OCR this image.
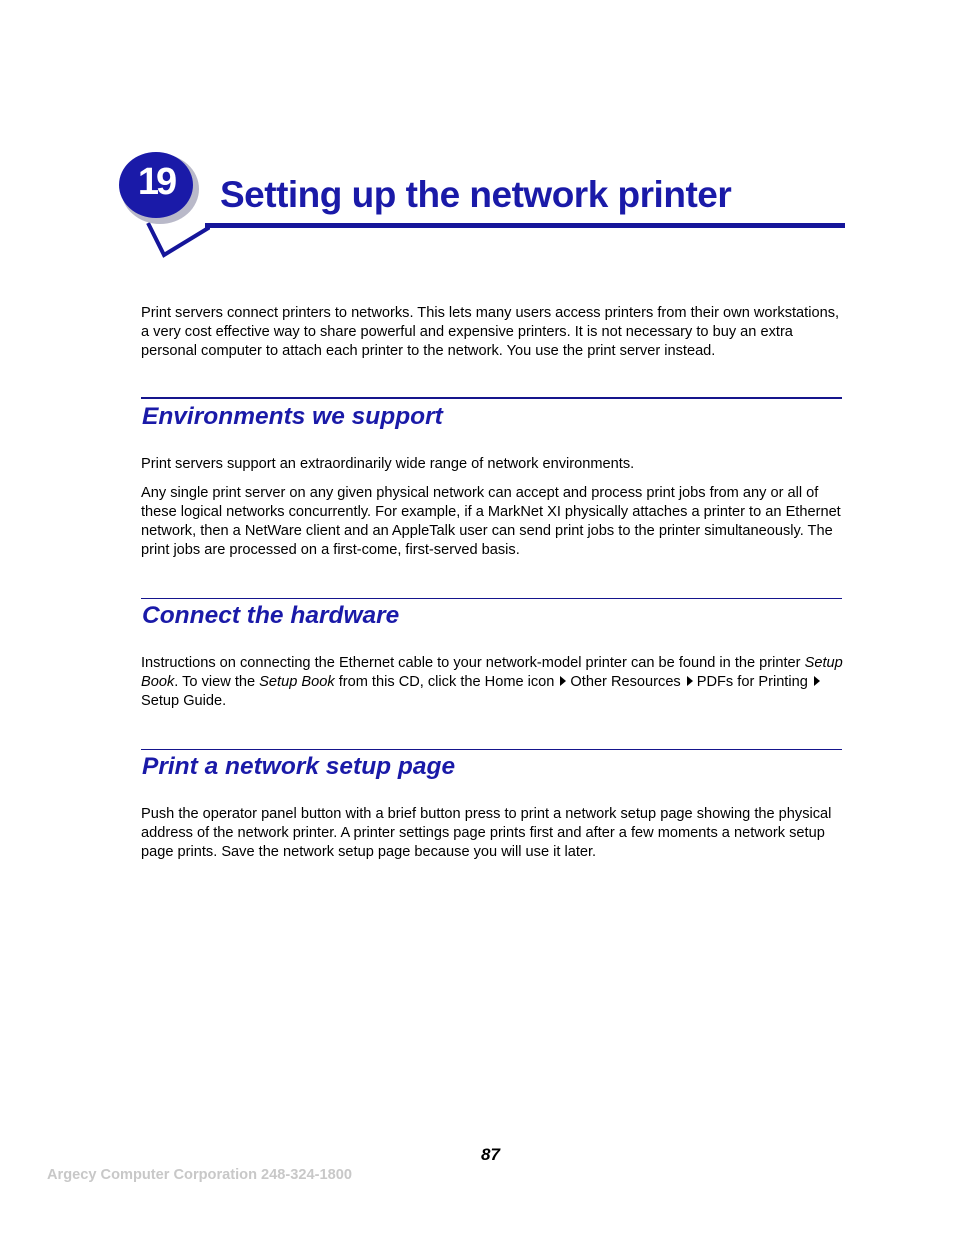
19 Setting up the network printer

Print servers connect printers to networks. This lets many users access printers from their own workstations, a very cost effective way to share powerful and expensive printers. It is not necessary to buy an extra personal computer to attach each printer to the network. You use the print server instead.

Environments we support

Print servers support an extraordinarily wide range of network environments.

Any single print server on any given physical network can accept and process print jobs from any or all of these logical networks concurrently. For example, if a MarkNet XI physically attaches a printer to an Ethernet network, then a NetWare client and an AppleTalk user can send print jobs to the printer simultaneously. The print jobs are processed on a first-come, first-served basis.

Connect the hardware

Instructions on connecting the Ethernet cable to your network-model printer can be found in the printer Setup Book. To view the Setup Book from this CD, click the Home icon Other Resources PDFs for PrintingSetup Guide.

Print a network setup page

Push the operator panel button with a brief button press to print a network setup page showing the physical address of the network printer. A printer settings page prints first and after a few moments a network setup page prints. Save the network setup page because you will use it later.

87
Argecy Computer Corporation 248-324-1800
